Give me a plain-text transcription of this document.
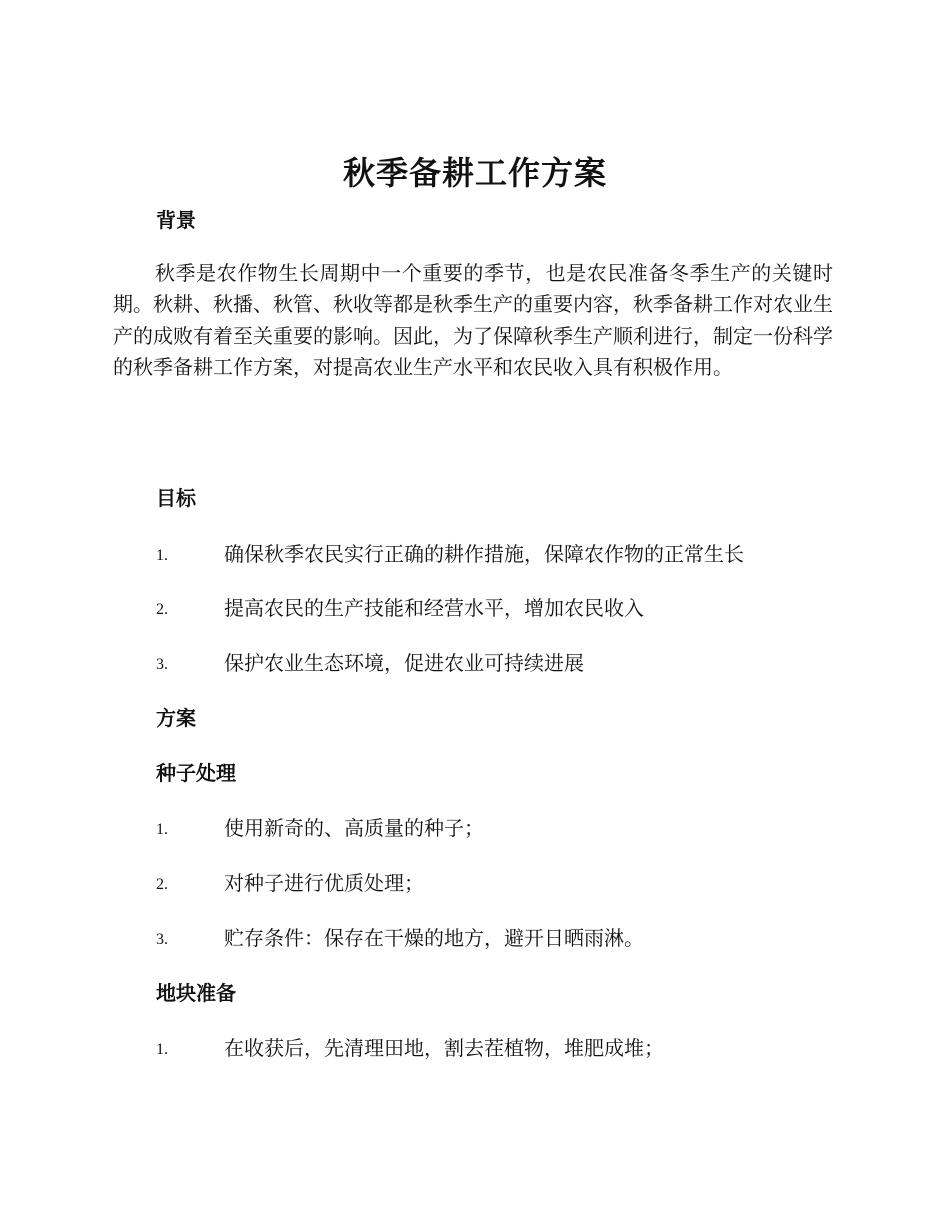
秋季备耕工作方案
背景

秋季是农作物生长周期中一个重要的季节，也是农民准备冬季生产的关键时期。秋耕、秋播、秋管、秋收等都是秋季生产的重要内容，秋季备耕工作对农业生产的成败有着至关重要的影响。因此，为了保障秋季生产顺利进行，制定一份科学的秋季备耕工作方案，对提高农业生产水平和农民收入具有积极作用。

目标
1.	确保秋季农民实行正确的耕作措施，保障农作物的正常生长
2.	提高农民的生产技能和经营水平，增加农民收入
3.	保护农业生态环境，促进农业可持续进展
方案
种子处理
1.	使用新奇的、高质量的种子；
2.	对种子进行优质处理；
3.	贮存条件：保存在干燥的地方，避开日晒雨淋。
地块准备
1.	在收获后，先清理田地，割去茬植物，堆肥成堆；
